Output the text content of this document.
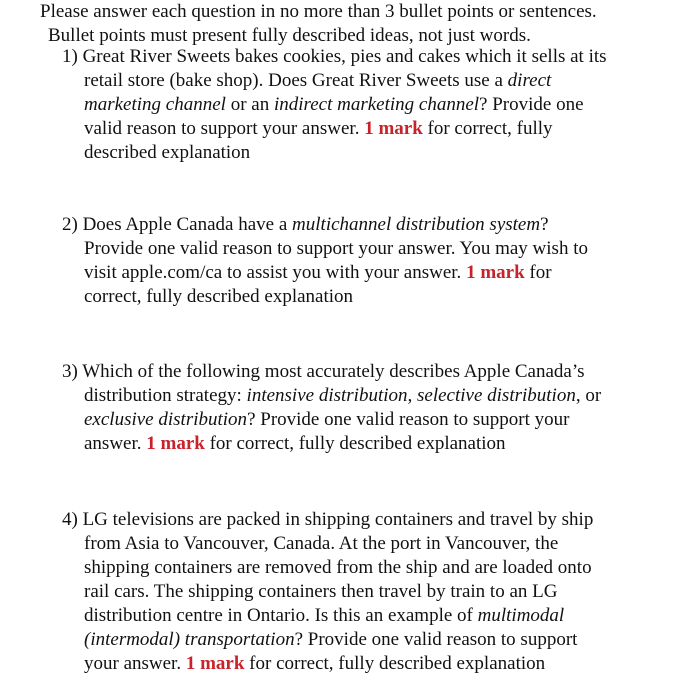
Please answer each question in no more than 3 bullet points or sentences.

Bullet points must present fully described ideas, not just words.

1) Great River Sweets bakes cookies, pies and cakes which it sells at its
retail store (bake shop). Does Great River Sweets use a direct
marketing channel or an indirect marketing channel? Provide one
valid reason to support your answer. 1 mark for correct, fully
described explanation
2) Does Apple Canada have a multichannel distribution system?
Provide one valid reason to support your answer. You may wish to
visit apple.com/ca to assist you with your answer. 1 mark for
correct, fully described explanation
3) Which of the following most accurately describes Apple Canada’s
distribution strategy: intensive distribution, selective distribution, or
exclusive distribution? Provide one valid reason to support your
answer. 1 mark for correct, fully described explanation
4) LG televisions are packed in shipping containers and travel by ship
from Asia to Vancouver, Canada. At the port in Vancouver, the
shipping containers are removed from the ship and are loaded onto
rail cars. The shipping containers then travel by train to an LG
distribution centre in Ontario. Is this an example of multimodal
(intermodal) transportation? Provide one valid reason to support
your answer. 1 mark for correct, fully described explanation
